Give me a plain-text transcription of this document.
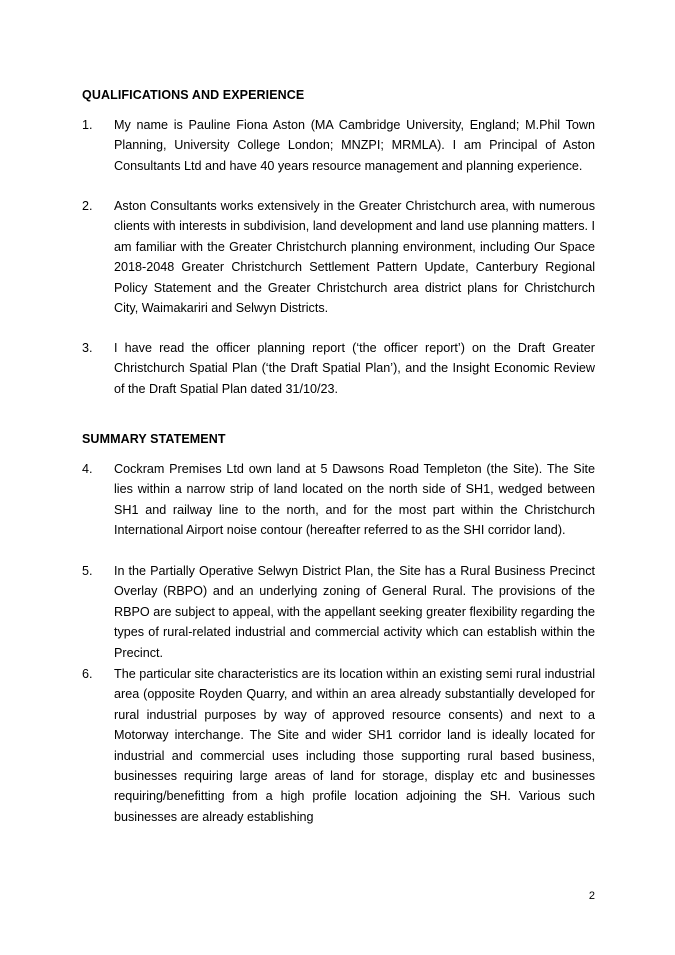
QUALIFICATIONS AND EXPERIENCE
1.	My name is Pauline Fiona Aston (MA Cambridge University, England; M.Phil Town Planning, University College London; MNZPI; MRMLA). I am Principal of Aston Consultants Ltd and have 40 years resource management and planning experience.
2.	Aston Consultants works extensively in the Greater Christchurch area, with numerous clients with interests in subdivision, land development and land use planning matters. I am familiar with the Greater Christchurch planning environment, including Our Space 2018-2048 Greater Christchurch Settlement Pattern Update, Canterbury Regional Policy Statement and the Greater Christchurch area district plans for Christchurch City, Waimakariri and Selwyn Districts.
3.	I have read the officer planning report (‘the officer report’) on the Draft Greater Christchurch Spatial Plan (‘the Draft Spatial Plan’), and the Insight Economic Review of the Draft Spatial Plan dated 31/10/23.
SUMMARY STATEMENT
4.	Cockram Premises Ltd own land at 5 Dawsons Road Templeton (the Site). The Site lies within a narrow strip of land located on the north side of SH1, wedged between SH1 and railway line to the north, and for the most part within the Christchurch International Airport noise contour (hereafter referred to as the SHI corridor land).
5.	In the Partially Operative Selwyn District Plan, the Site has a Rural Business Precinct Overlay (RBPO) and an underlying zoning of General Rural. The provisions of the RBPO are subject to appeal, with the appellant seeking greater flexibility regarding the types of rural-related industrial and commercial activity which can establish within the Precinct.
6.	The particular site characteristics are its location within an existing semi rural industrial area (opposite Royden Quarry, and within an area already substantially developed for rural industrial purposes by way of approved resource consents) and next to a Motorway interchange. The Site and wider SH1 corridor land is ideally located for industrial and commercial uses including those supporting rural based business, businesses requiring large areas of land for storage, display etc and businesses requiring/benefitting from a high profile location adjoining the SH. Various such businesses are already establishing
2
